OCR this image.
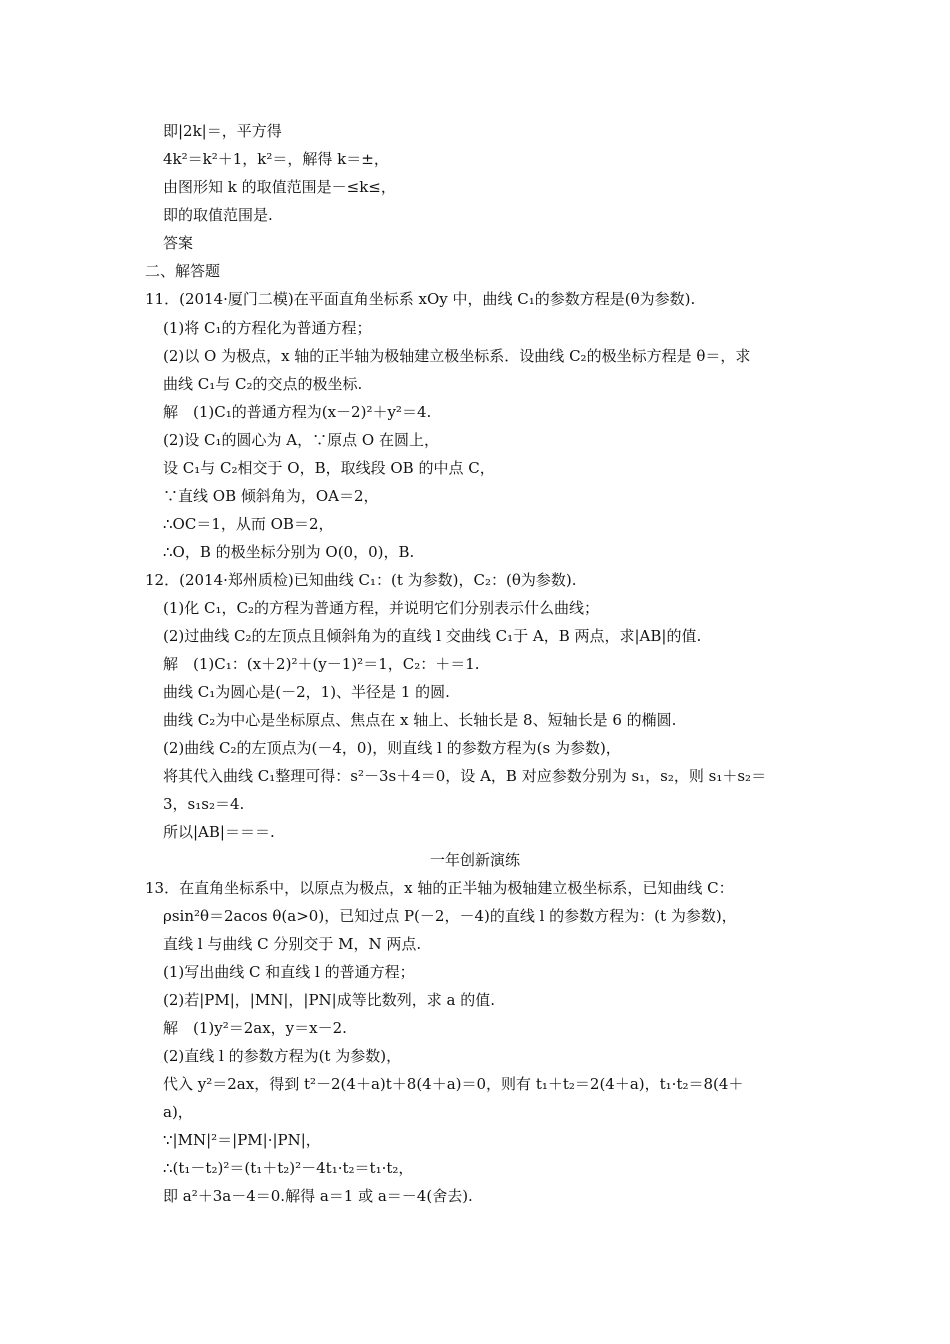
即|2k|＝，平方得
4k²＝k²＋1，k²＝，解得 k＝±，
由图形知 k 的取值范围是－≤k≤，
即的取值范围是.
答案
二、解答题
11．(2014·厦门二模)在平面直角坐标系 xOy 中，曲线 C₁的参数方程是(θ为参数).
(1)将 C₁的方程化为普通方程；
(2)以 O 为极点，x 轴的正半轴为极轴建立极坐标系．设曲线 C₂的极坐标方程是 θ＝，求
曲线 C₁与 C₂的交点的极坐标.
解　(1)C₁的普通方程为(x－2)²＋y²＝4.
(2)设 C₁的圆心为 A，∵原点 O 在圆上，
设 C₁与 C₂相交于 O，B，取线段 OB 的中点 C，
∵直线 OB 倾斜角为，OA＝2，
∴OC＝1，从而 OB＝2，
∴O，B 的极坐标分别为 O(0，0)，B.
12．(2014·郑州质检)已知曲线 C₁：(t 为参数)，C₂：(θ为参数).
(1)化 C₁，C₂的方程为普通方程，并说明它们分别表示什么曲线；
(2)过曲线 C₂的左顶点且倾斜角为的直线 l 交曲线 C₁于 A，B 两点，求|AB|的值.
解　(1)C₁：(x＋2)²＋(y－1)²＝1，C₂：＋＝1.
曲线 C₁为圆心是(－2，1)、半径是 1 的圆.
曲线 C₂为中心是坐标原点、焦点在 x 轴上、长轴长是 8、短轴长是 6 的椭圆.
(2)曲线 C₂的左顶点为(－4，0)，则直线 l 的参数方程为(s 为参数)，
将其代入曲线 C₁整理可得：s²－3s＋4＝0，设 A，B 对应参数分别为 s₁，s₂，则 s₁＋s₂＝
3，s₁s₂＝4.
所以|AB|＝＝＝.
一年创新演练
13．在直角坐标系中，以原点为极点，x 轴的正半轴为极轴建立极坐标系，已知曲线 C：
ρsin²θ＝2acos θ(a>0)，已知过点 P(－2，－4)的直线 l 的参数方程为：(t 为参数)，
直线 l 与曲线 C 分别交于 M，N 两点.
(1)写出曲线 C 和直线 l 的普通方程；
(2)若|PM|，|MN|，|PN|成等比数列，求 a 的值.
解　(1)y²＝2ax，y＝x－2.
(2)直线 l 的参数方程为(t 为参数)，
代入 y²＝2ax，得到 t²－2(4＋a)t＋8(4＋a)＝0，则有 t₁＋t₂＝2(4＋a)，t₁·t₂＝8(4＋
a)，
∵|MN|²＝|PM|·|PN|，
∴(t₁－t₂)²＝(t₁＋t₂)²－4t₁·t₂＝t₁·t₂，
即 a²＋3a－4＝0.解得 a＝1 或 a＝－4(舍去).
